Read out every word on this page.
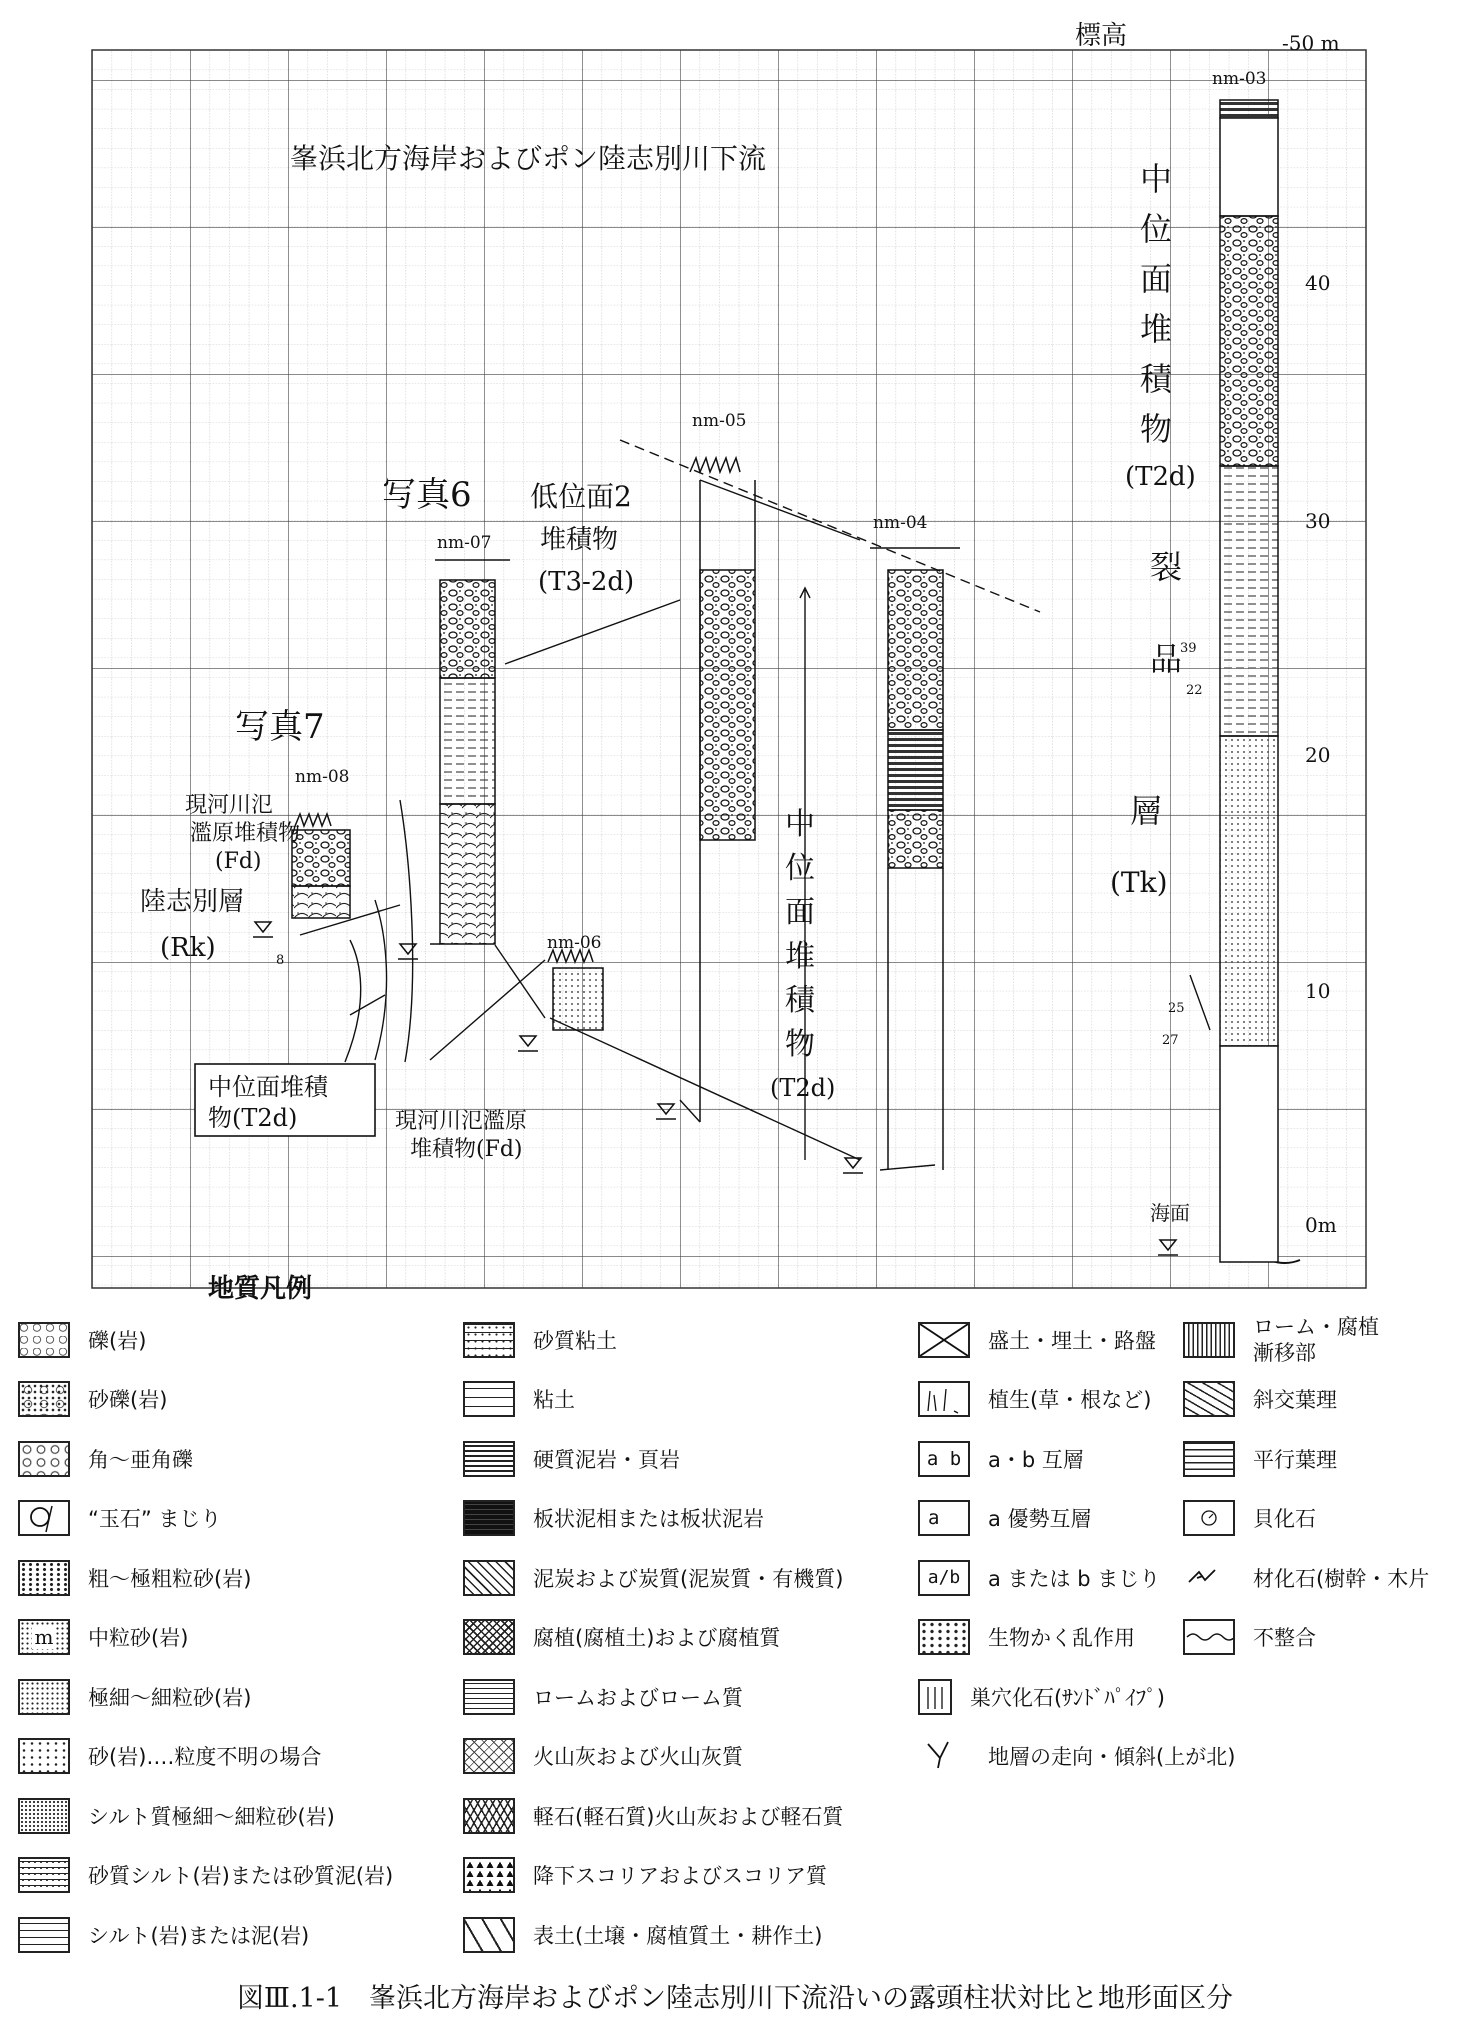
峯浜北方海岸およびポン陸志別川下流
標高	-50 m
40
30
20
10
0m
海面
nm-03
nm-04
nm-05
nm-07
nm-08
nm-06
写真6
写真7
低位面2
堆積物
(T3-2d)
中
位
面
堆
積
物
(T2d)
中
位
面
堆
積
物
(T2d)
裂
品
層
(Tk)
現河川氾
濫原堆積物
(Fd)
陸志別層
(Rk)
中位面堆積
物(T2d)	現河川氾濫原
堆積物(Fd)
39
22
25
27
8
地質凡例
礫(岩)
砂礫(岩)
角〜亜角礫
“玉石” まじり
粗〜極粗粒砂(岩)
m	中粒砂(岩)
極細〜細粒砂(岩)
砂(岩)‥‥粒度不明の場合
シルト質極細〜細粒砂(岩)
砂質シルト(岩)または砂質泥(岩)
シルト(岩)または泥(岩)
砂質粘土
粘土
硬質泥岩・頁岩
板状泥相または板状泥岩
泥炭および炭質(泥炭質・有機質)
腐植(腐植土)および腐植質
ロームおよびローム質
火山灰および火山灰質
軽石(軽石質)火山灰および軽石質
降下スコリアおよびスコリア質
表土(土壌・腐植質土・耕作土)
盛土・埋土・路盤
植生(草・根など)
a b	a・b 互層
a	a 優勢互層
a/b	a または b まじり
生物かく乱作用
巣穴化石(ｻﾝﾄﾞﾊﾟｲﾌﾟ)
地層の走向・傾斜(上が北)
ローム・腐植漸移部
斜交葉理
平行葉理
貝化石
材化石(樹幹・木片
不整合
図Ⅲ.1-1　峯浜北方海岸およびポン陸志別川下流沿いの露頭柱状対比と地形面区分
